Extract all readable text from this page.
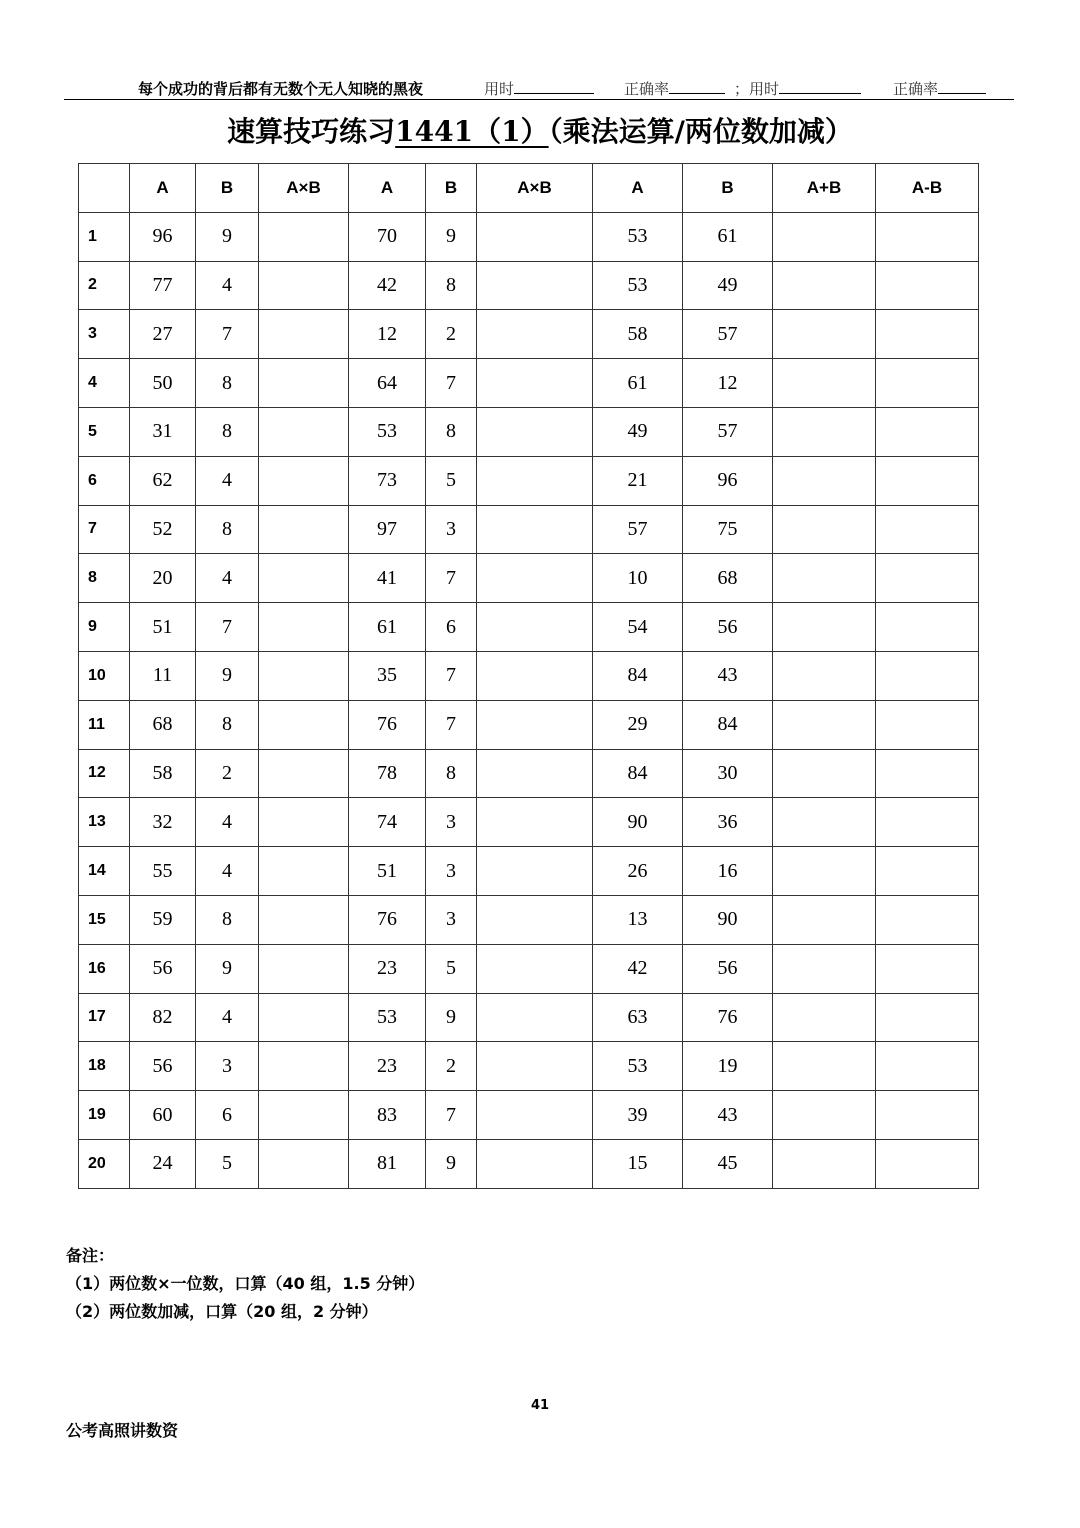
每个成功的背后都有无数个无人知晓的黑夜	用时	正确率	；用时	正确率
速算技巧练习1441（1）（乘法运算/两位数加减）
	A	B	A×B	A	B	A×B	A	B	A+B	A-B
1	96	9		70	9		53	61		
2	77	4		42	8		53	49		
3	27	7		12	2		58	57		
4	50	8		64	7		61	12		
5	31	8		53	8		49	57		
6	62	4		73	5		21	96		
7	52	8		97	3		57	75		
8	20	4		41	7		10	68		
9	51	7		61	6		54	56		
10	11	9		35	7		84	43		
11	68	8		76	7		29	84		
12	58	2		78	8		84	30		
13	32	4		74	3		90	36		
14	55	4		51	3		26	16		
15	59	8		76	3		13	90		
16	56	9		23	5		42	56		
17	82	4		53	9		63	76		
18	56	3		23	2		53	19		
19	60	6		83	7		39	43		
20	24	5		81	9		15	45		
备注：
（1）两位数×一位数，口算（40 组，1.5 分钟）
（2）两位数加减，口算（20 组，2 分钟）
41
公考高照讲数资
